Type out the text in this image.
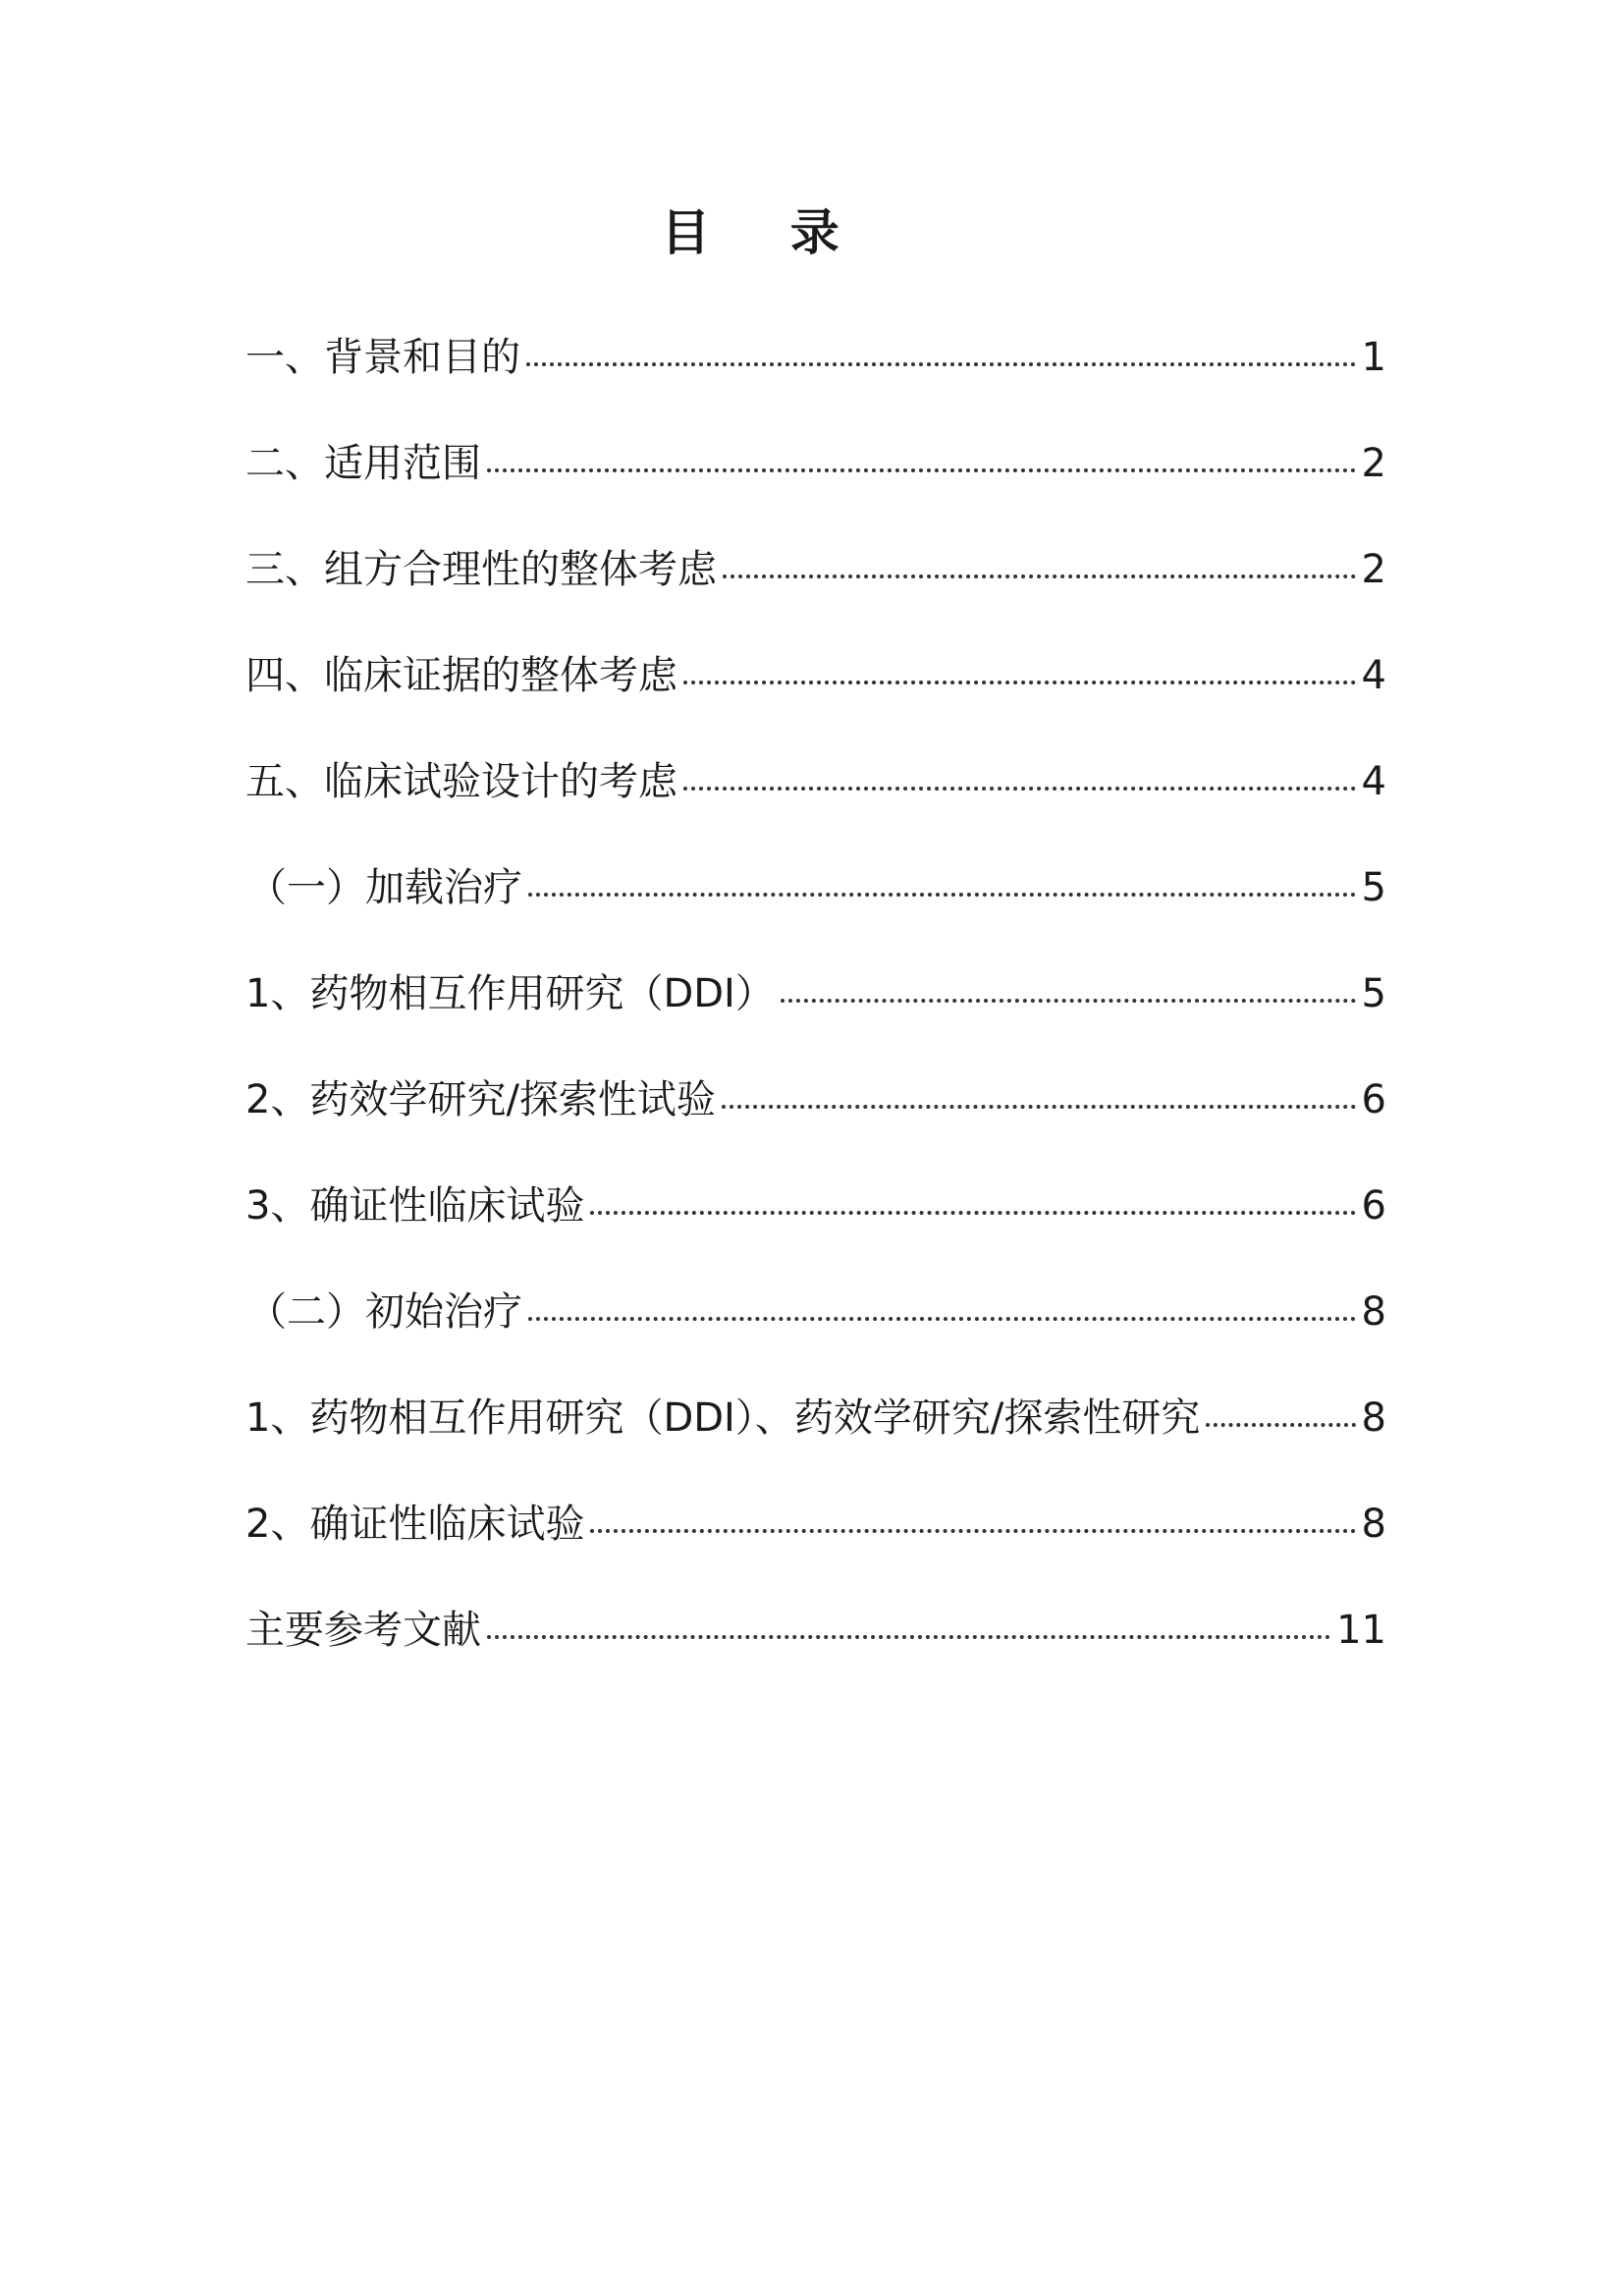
目 录
一、背景和目的	1
二、适用范围	2
三、组方合理性的整体考虑	2
四、临床证据的整体考虑	4
五、临床试验设计的考虑	4
（一）加载治疗	5
1、药物相互作用研究（DDI）	5
2、药效学研究/探索性试验	6
3、确证性临床试验	6
（二）初始治疗	8
1、药物相互作用研究（DDI）、药效学研究/探索性研究	8
2、确证性临床试验	8
主要参考文献	11
